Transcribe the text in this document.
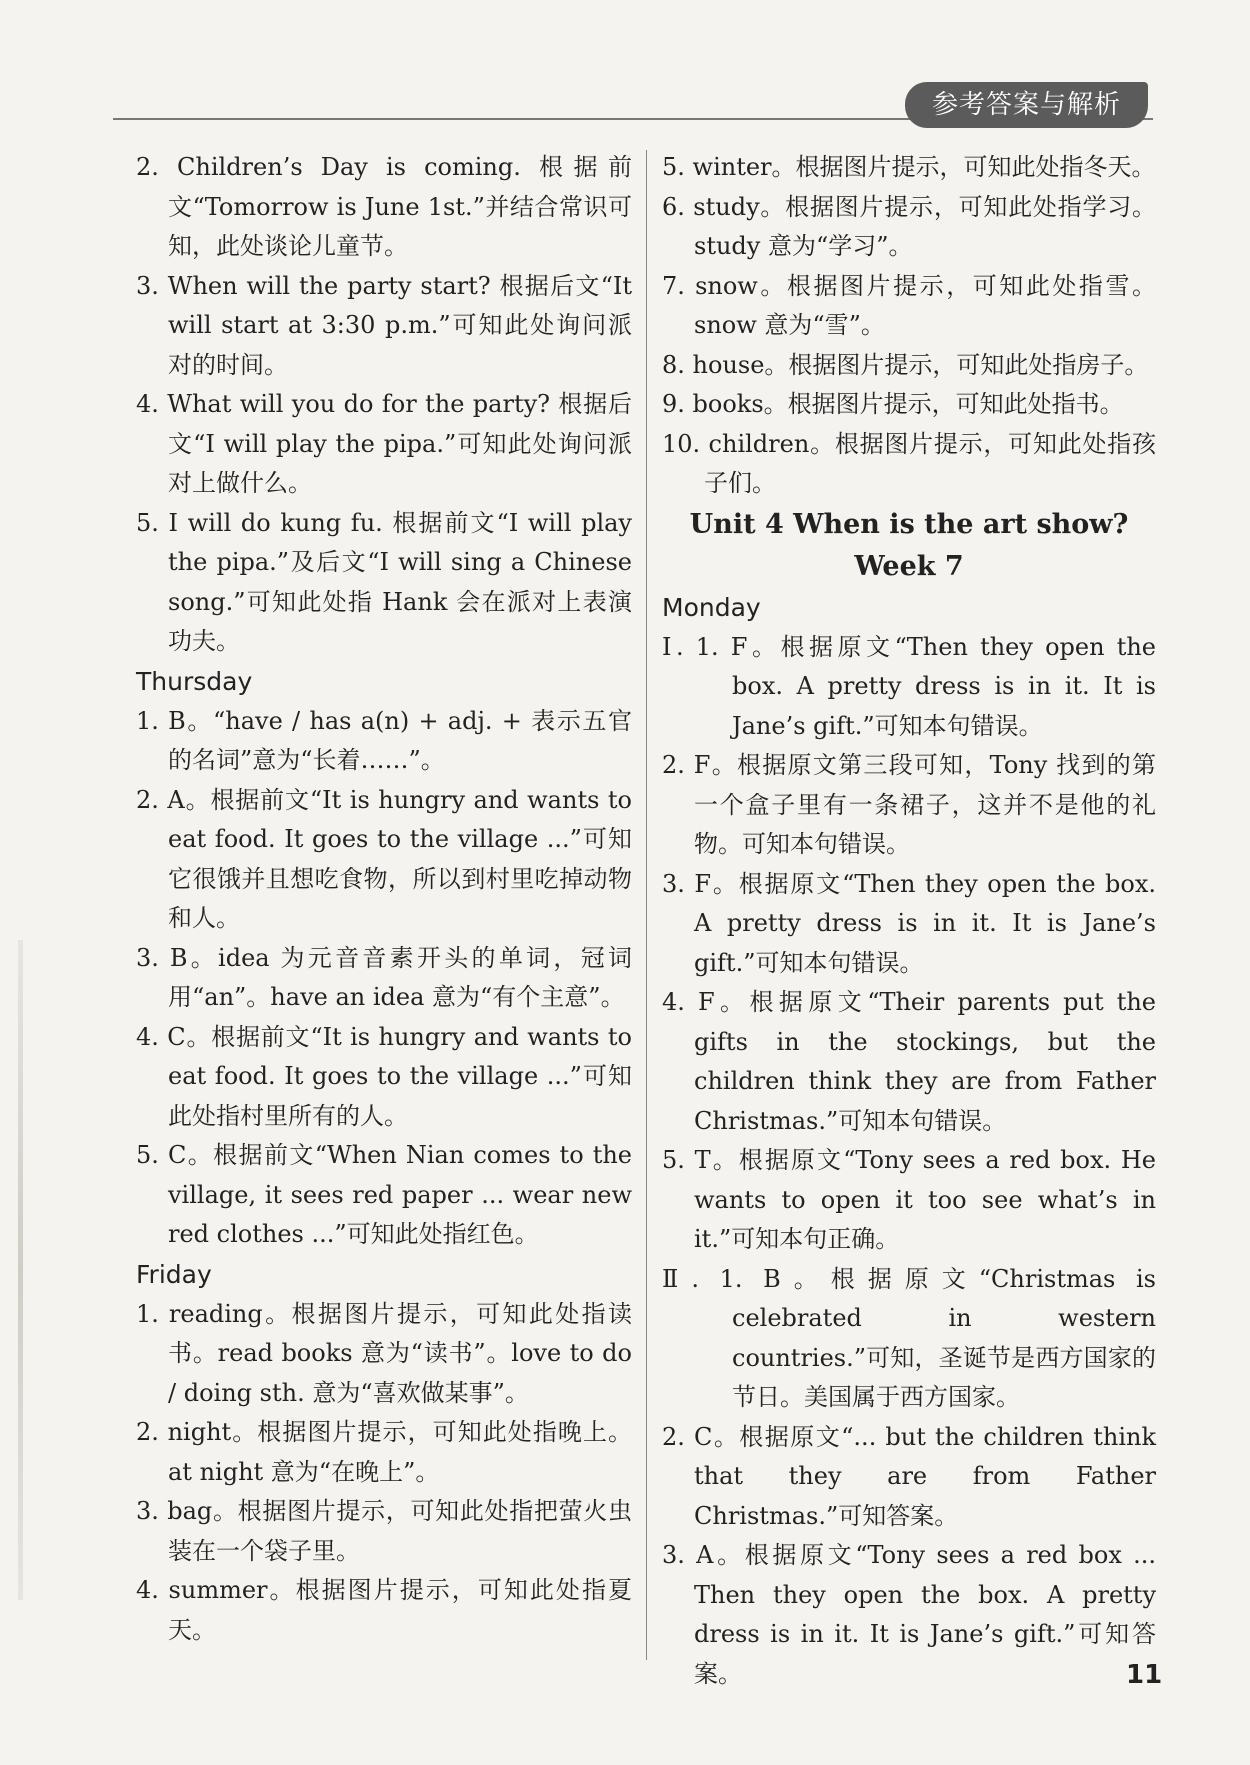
参考答案与解析

2. Children’s Day is coming. 根据前文“Tomorrow is June 1st.”并结合常识可知，此处谈论儿童节。

3. When will the party start? 根据后文“It will start at 3:30 p.m.”可知此处询问派对的时间。

4. What will you do for the party? 根据后文“I will play the pipa.”可知此处询问派对上做什么。

5. I will do kung fu. 根据前文“I will play the pipa.”及后文“I will sing a Chinese song.”可知此处指 Hank 会在派对上表演功夫。

Thursday

1. B。“have / has a(n) + adj. + 表示五官的名词”意为“长着……”。

2. A。根据前文“It is hungry and wants to eat food. It goes to the village ...”可知它很饿并且想吃食物，所以到村里吃掉动物和人。

3. B。idea 为元音音素开头的单词，冠词用“an”。have an idea 意为“有个主意”。

4. C。根据前文“It is hungry and wants to eat food. It goes to the village ...”可知此处指村里所有的人。

5. C。根据前文“When Nian comes to the village, it sees red paper ... wear new red clothes ...”可知此处指红色。

Friday

1. reading。根据图片提示，可知此处指读书。read books 意为“读书”。love to do / doing sth. 意为“喜欢做某事”。

2. night。根据图片提示，可知此处指晚上。at night 意为“在晚上”。

3. bag。根据图片提示，可知此处指把萤火虫装在一个袋子里。

4. summer。根据图片提示，可知此处指夏天。

5. winter。根据图片提示，可知此处指冬天。

6. study。根据图片提示，可知此处指学习。study 意为“学习”。

7. snow。根据图片提示，可知此处指雪。snow 意为“雪”。

8. house。根据图片提示，可知此处指房子。

9. books。根据图片提示，可知此处指书。

10. children。根据图片提示，可知此处指孩子们。

Unit 4 When is the art show?

Week 7

Monday

Ⅰ. 1. F。根据原文“Then they open the box. A pretty dress is in it. It is Jane’s gift.”可知本句错误。

2. F。根据原文第三段可知，Tony 找到的第一个盒子里有一条裙子，这并不是他的礼物。可知本句错误。

3. F。根据原文“Then they open the box. A pretty dress is in it. It is Jane’s gift.”可知本句错误。

4. F。根据原文“Their parents put the gifts in the stockings, but the children think they are from Father Christmas.”可知本句错误。

5. T。根据原文“Tony sees a red box. He wants to open it too see what’s in it.”可知本句正确。

Ⅱ. 1. B。根据原文“Christmas is celebrated in western countries.”可知，圣诞节是西方国家的节日。美国属于西方国家。

2. C。根据原文“... but the children think that they are from Father Christmas.”可知答案。

3. A。根据原文“Tony sees a red box ... Then they open the box. A pretty dress is in it. It is Jane’s gift.”可知答案。	11
